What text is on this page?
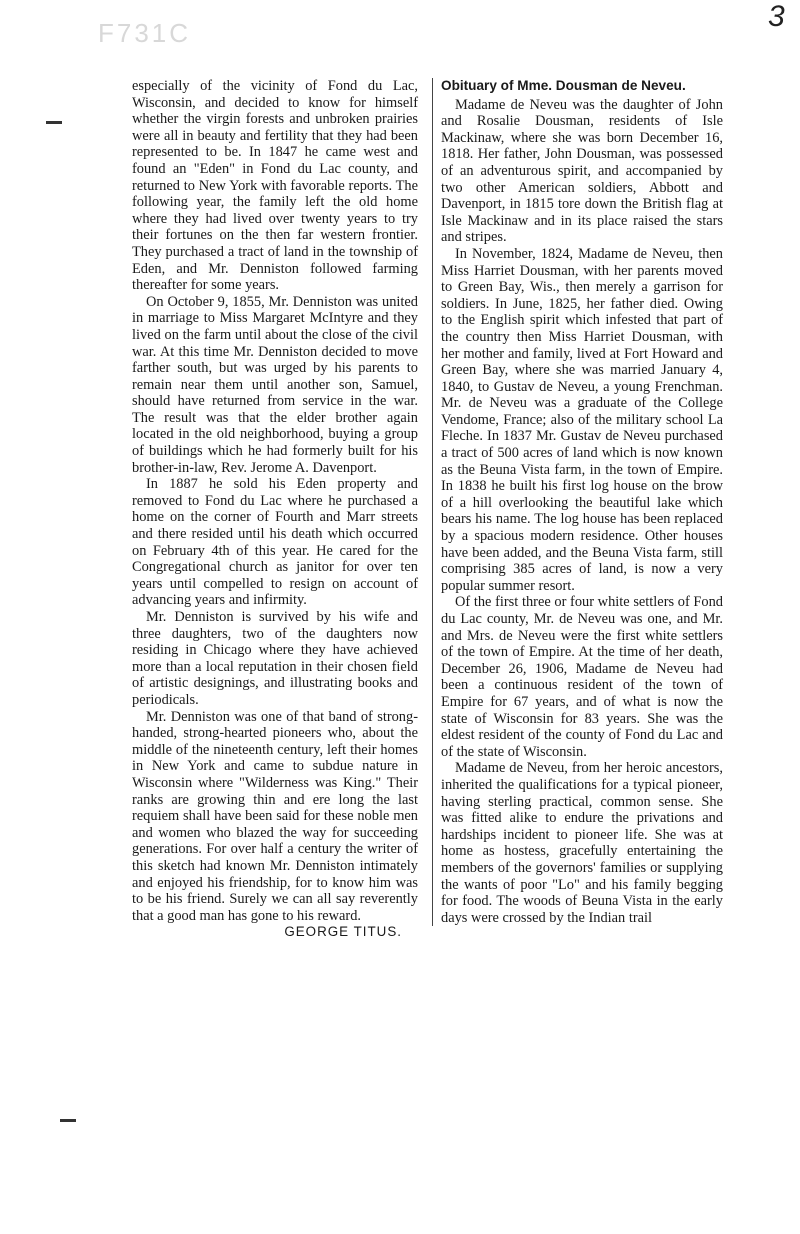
F731C	3

especially of the vicinity of Fond du Lac, Wisconsin, and decided to know for himself whether the virgin forests and unbroken prairies were all in beauty and fertility that they had been represented to be. In 1847 he came west and found an "Eden" in Fond du Lac county, and returned to New York with favorable reports. The following year, the family left the old home where they had lived over twenty years to try their fortunes on the then far western frontier. They purchased a tract of land in the township of Eden, and Mr. Denniston followed farming thereafter for some years.

On October 9, 1855, Mr. Denniston was united in marriage to Miss Margaret McIntyre and they lived on the farm until about the close of the civil war. At this time Mr. Denniston decided to move farther south, but was urged by his parents to remain near them until another son, Samuel, should have returned from service in the war. The result was that the elder brother again located in the old neighborhood, buying a group of buildings which he had formerly built for his brother-in-law, Rev. Jerome A. Davenport.

In 1887 he sold his Eden property and removed to Fond du Lac where he purchased a home on the corner of Fourth and Marr streets and there resided until his death which occurred on February 4th of this year. He cared for the Congregational church as janitor for over ten years until compelled to resign on account of advancing years and infirmity.

Mr. Denniston is survived by his wife and three daughters, two of the daughters now residing in Chicago where they have achieved more than a local reputation in their chosen field of artistic designings, and illustrating books and periodicals.

Mr. Denniston was one of that band of strong-handed, strong-hearted pioneers who, about the middle of the nineteenth century, left their homes in New York and came to subdue nature in Wisconsin where "Wilderness was King." Their ranks are growing thin and ere long the last requiem shall have been said for these noble men and women who blazed the way for succeeding generations. For over half a century the writer of this sketch had known Mr. Denniston intimately and enjoyed his friendship, for to know him was to be his friend. Surely we can all say reverently that a good man has gone to his reward.

GEORGE TITUS.
Obituary of Mme. Dousman de Neveu.

Madame de Neveu was the daughter of John and Rosalie Dousman, residents of Isle Mackinaw, where she was born December 16, 1818. Her father, John Dousman, was possessed of an adventurous spirit, and accompanied by two other American soldiers, Abbott and Davenport, in 1815 tore down the British flag at Isle Mackinaw and in its place raised the stars and stripes.

In November, 1824, Madame de Neveu, then Miss Harriet Dousman, with her parents moved to Green Bay, Wis., then merely a garrison for soldiers. In June, 1825, her father died. Owing to the English spirit which infested that part of the country then Miss Harriet Dousman, with her mother and family, lived at Fort Howard and Green Bay, where she was married January 4, 1840, to Gustav de Neveu, a young Frenchman. Mr. de Neveu was a graduate of the College Vendome, France; also of the military school La Fleche. In 1837 Mr. Gustav de Neveu purchased a tract of 500 acres of land which is now known as the Beuna Vista farm, in the town of Empire. In 1838 he built his first log house on the brow of a hill overlooking the beautiful lake which bears his name. The log house has been replaced by a spacious modern residence. Other houses have been added, and the Beuna Vista farm, still comprising 385 acres of land, is now a very popular summer resort.

Of the first three or four white settlers of Fond du Lac county, Mr. de Neveu was one, and Mr. and Mrs. de Neveu were the first white settlers of the town of Empire. At the time of her death, December 26, 1906, Madame de Neveu had been a continuous resident of the town of Empire for 67 years, and of what is now the state of Wisconsin for 83 years. She was the eldest resident of the county of Fond du Lac and of the state of Wisconsin.

Madame de Neveu, from her heroic ancestors, inherited the qualifications for a typical pioneer, having sterling practical, common sense. She was fitted alike to endure the privations and hardships incident to pioneer life. She was at home as hostess, gracefully entertaining the members of the governors' families or supplying the wants of poor "Lo" and his family begging for food. The woods of Beuna Vista in the early days were crossed by the Indian trail
